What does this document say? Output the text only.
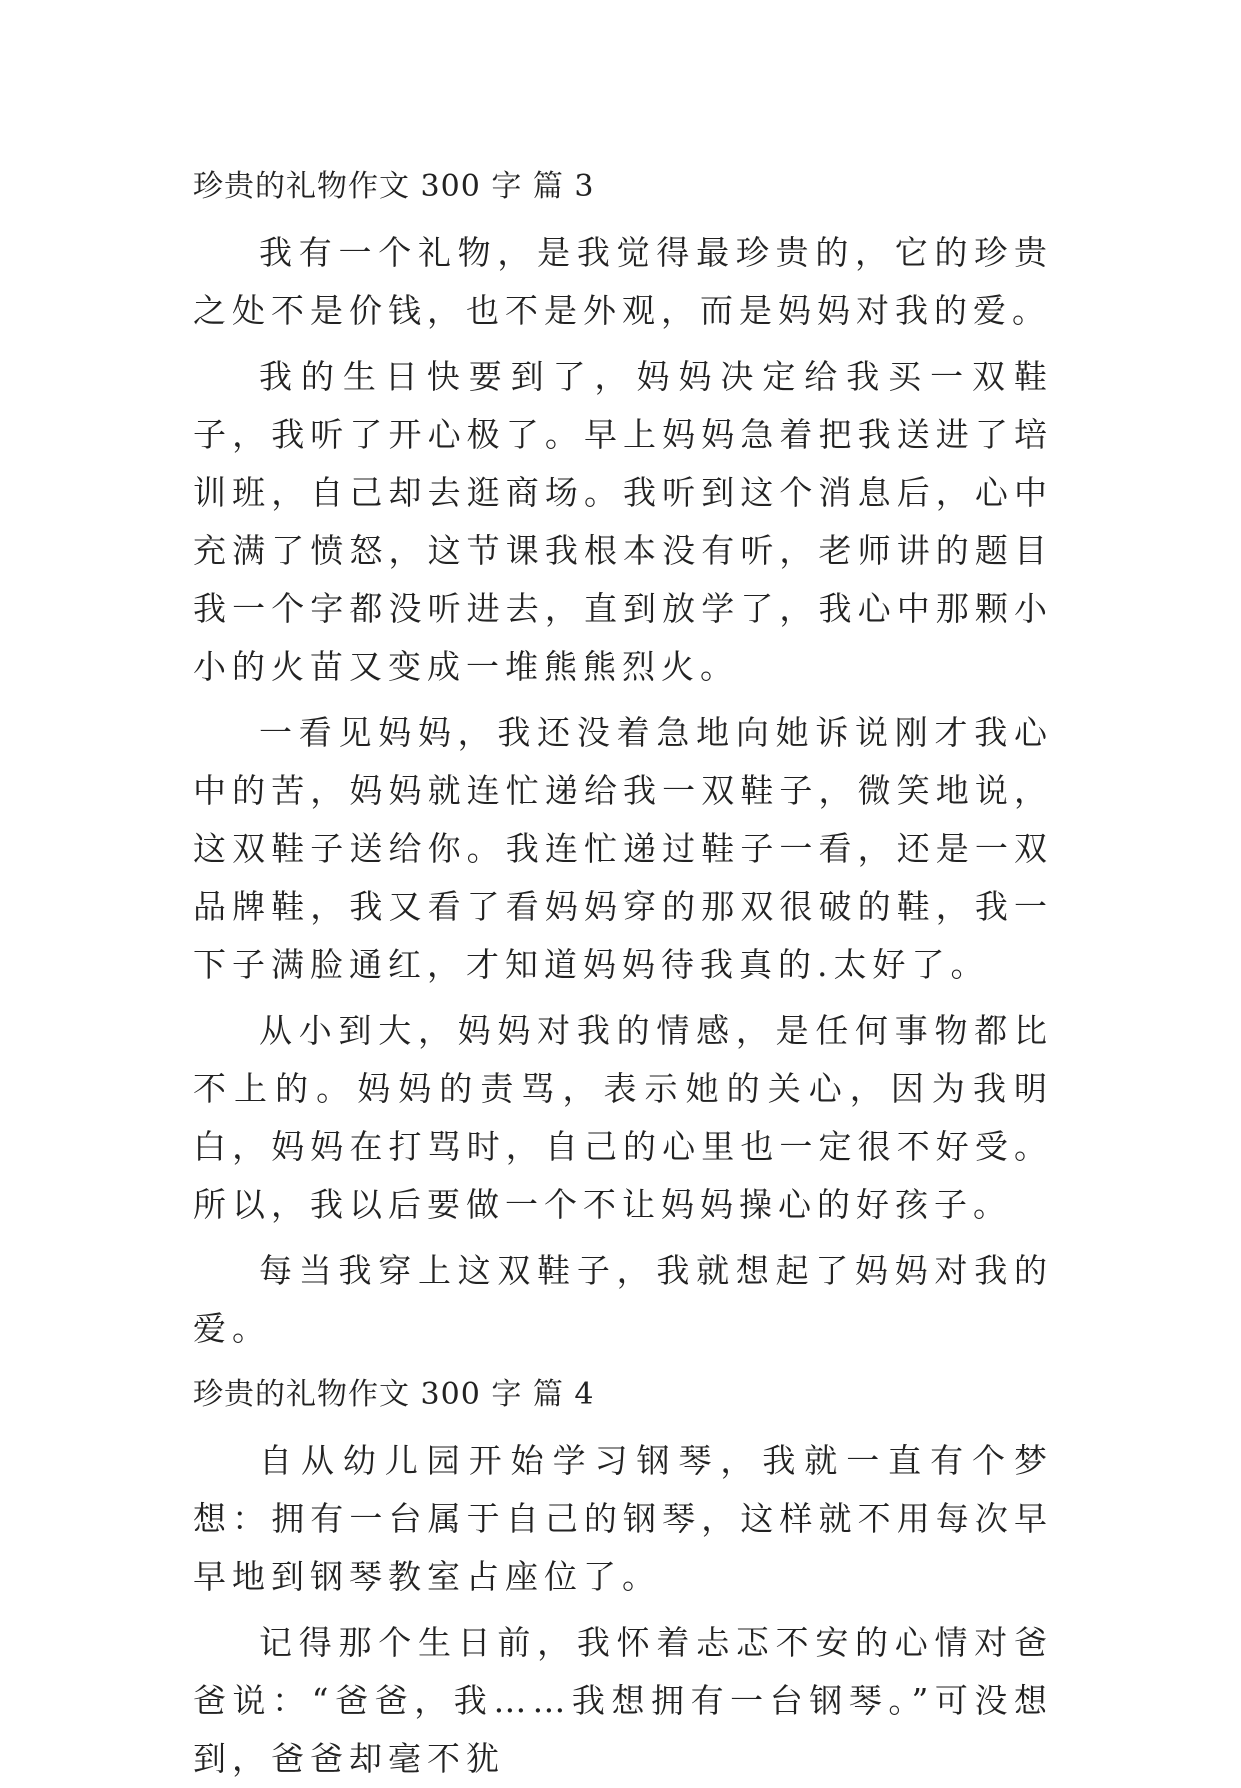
珍贵的礼物作文 300 字 篇 3

我有一个礼物，是我觉得最珍贵的，它的珍贵之处不是价钱，也不是外观，而是妈妈对我的爱。

我的生日快要到了，妈妈决定给我买一双鞋子，我听了开心极了。早上妈妈急着把我送进了培训班，自己却去逛商场。我听到这个消息后，心中充满了愤怒，这节课我根本没有听，老师讲的题目我一个字都没听进去，直到放学了，我心中那颗小小的火苗又变成一堆熊熊烈火。

一看见妈妈，我还没着急地向她诉说刚才我心中的苦，妈妈就连忙递给我一双鞋子，微笑地说，这双鞋子送给你。我连忙递过鞋子一看，还是一双品牌鞋，我又看了看妈妈穿的那双很破的鞋，我一下子满脸通红，才知道妈妈待我真的.太好了。

从小到大，妈妈对我的情感，是任何事物都比不上的。妈妈的责骂，表示她的关心，因为我明白，妈妈在打骂时，自己的心里也一定很不好受。所以，我以后要做一个不让妈妈操心的好孩子。

每当我穿上这双鞋子，我就想起了妈妈对我的爱。

珍贵的礼物作文 300 字 篇 4

自从幼儿园开始学习钢琴，我就一直有个梦想：拥有一台属于自己的钢琴，这样就不用每次早早地到钢琴教室占座位了。

记得那个生日前，我怀着忐忑不安的心情对爸爸说：“爸爸，我……我想拥有一台钢琴。”可没想到，爸爸却毫不犹
